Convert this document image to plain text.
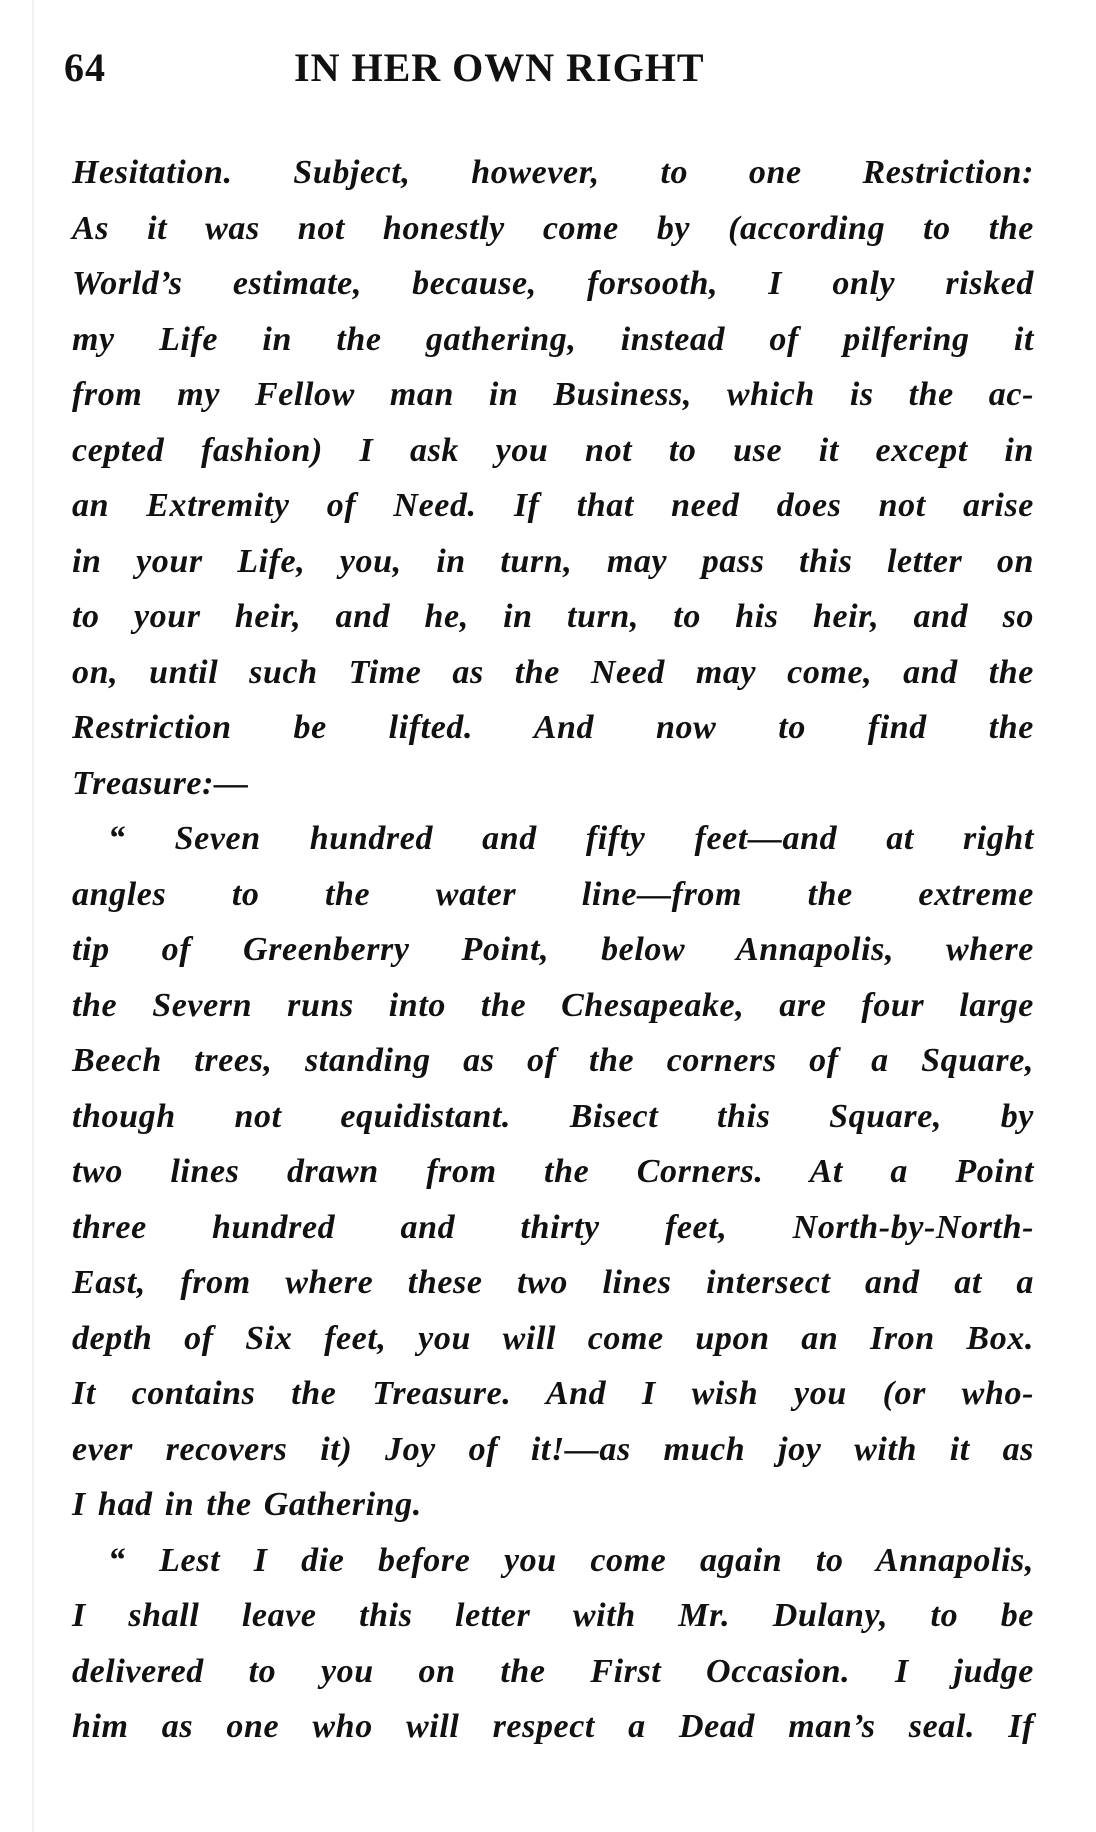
64	IN HER OWN RIGHT
Hesitation. Subject, however, to one Restriction:
As it was not honestly come by (according to the
World’s estimate, because, forsooth, I only risked
my Life in the gathering, instead of pilfering it
from my Fellow man in Business, which is the ac-
cepted fashion) I ask you not to use it except in
an Extremity of Need. If that need does not arise
in your Life, you, in turn, may pass this letter on
to your heir, and he, in turn, to his heir, and so
on, until such Time as the Need may come, and the
Restriction be lifted. And now to find the
Treasure:—
“ Seven hundred and fifty feet—and at right
angles to the water line—from the extreme
tip of Greenberry Point, below Annapolis, where
the Severn runs into the Chesapeake, are four large
Beech trees, standing as of the corners of a Square,
though not equidistant. Bisect this Square, by
two lines drawn from the Corners. At a Point
three hundred and thirty feet, North-by-North-
East, from where these two lines intersect and at a
depth of Six feet, you will come upon an Iron Box.
It contains the Treasure. And I wish you (or who-
ever recovers it) Joy of it!—as much joy with it as
I had in the Gathering.
“ Lest I die before you come again to Annapolis,
I shall leave this letter with Mr. Dulany, to be
delivered to you on the First Occasion. I judge
him as one who will respect a Dead man’s seal. If
